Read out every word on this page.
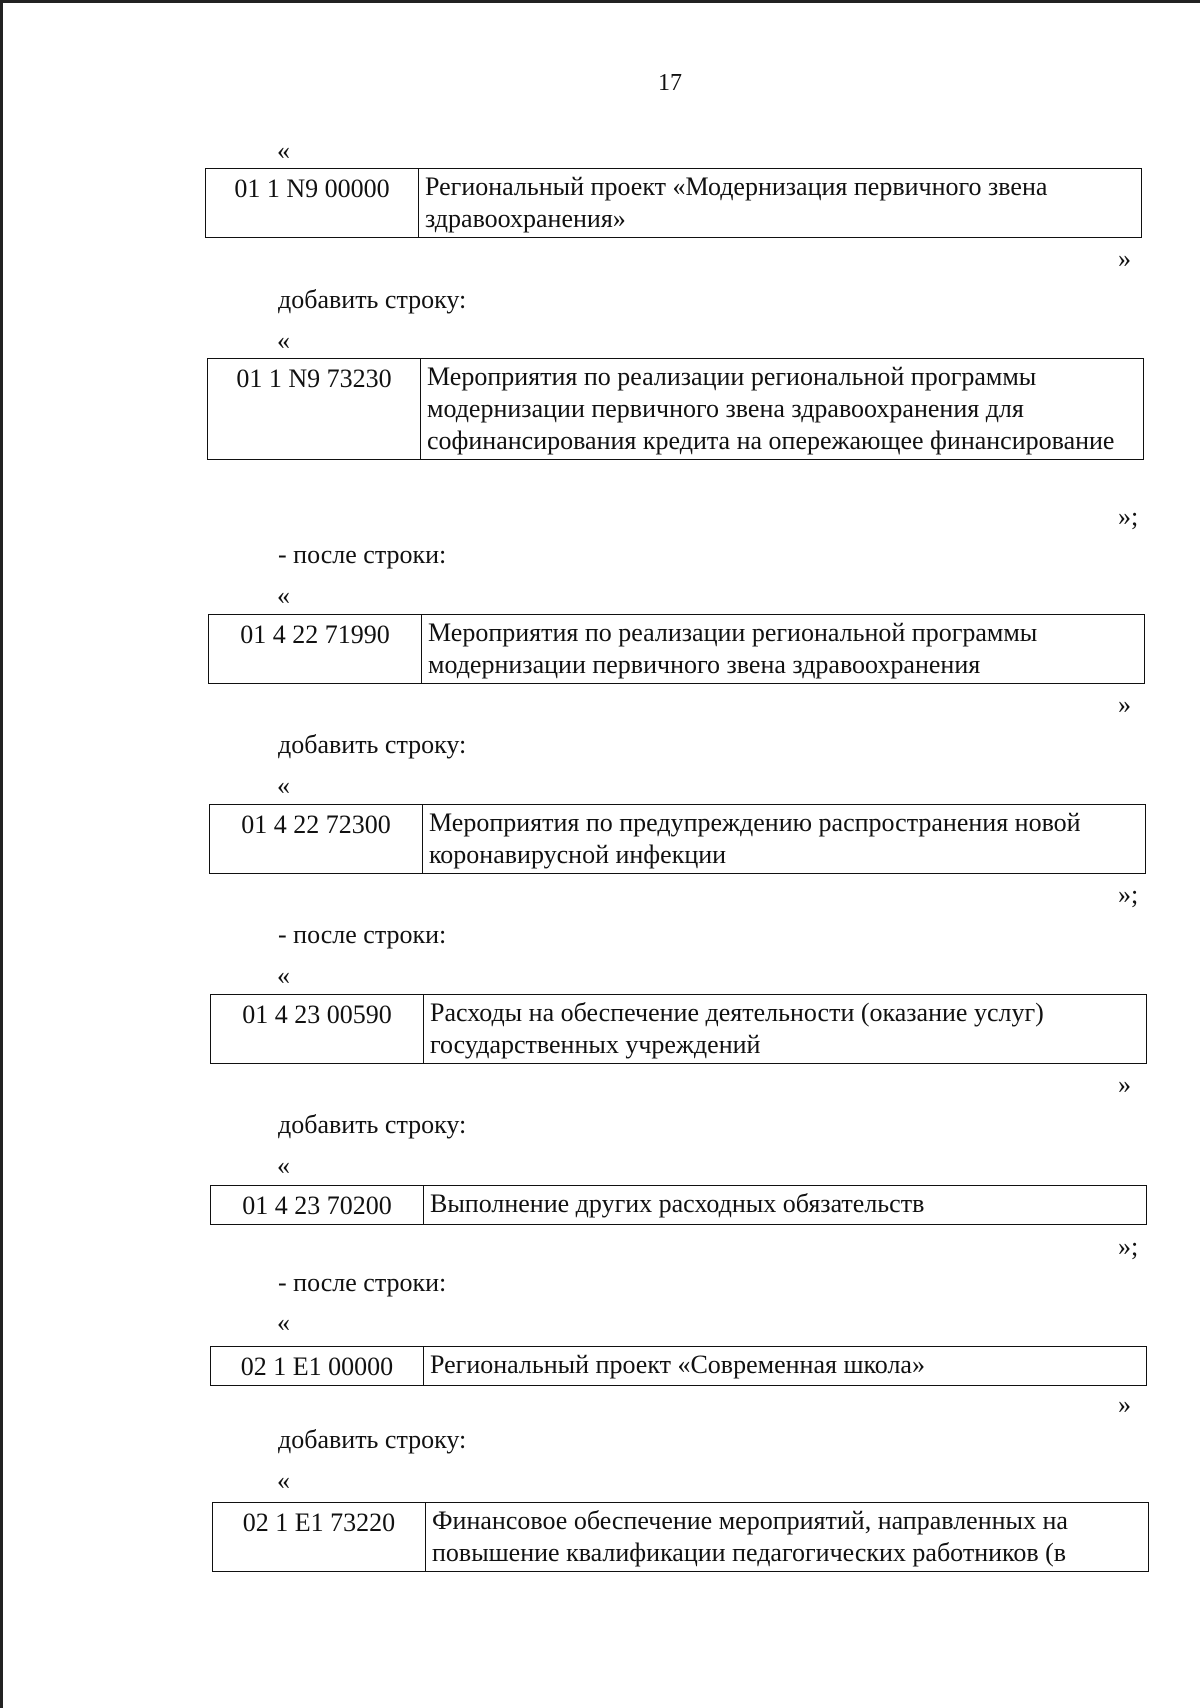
17
«
01 1 N9 00000	Региональный проект «Модернизация первичного звена здравоохранения»
»
добавить строку:
«
01 1 N9 73230	Мероприятия по реализации региональной программы модернизации первичного звена здравоохранения для софинансирования кредита на опережающее финансирование
»;
- после строки:
«
01 4 22 71990	Мероприятия по реализации региональной программы модернизации первичного звена здравоохранения
»
добавить строку:
«
01 4 22 72300	Мероприятия по предупреждению распространения новой коронавирусной инфекции
»;
- после строки:
«
01 4 23 00590	Расходы на обеспечение деятельности (оказание услуг) государственных учреждений
»
добавить строку:
«
01 4 23 70200	Выполнение других расходных обязательств
»;
- после строки:
«
02 1 E1 00000	Региональный проект «Современная школа»
»
добавить строку:
«
02 1 E1 73220	Финансовое обеспечение мероприятий, направленных на повышение квалификации педагогических работников (в
